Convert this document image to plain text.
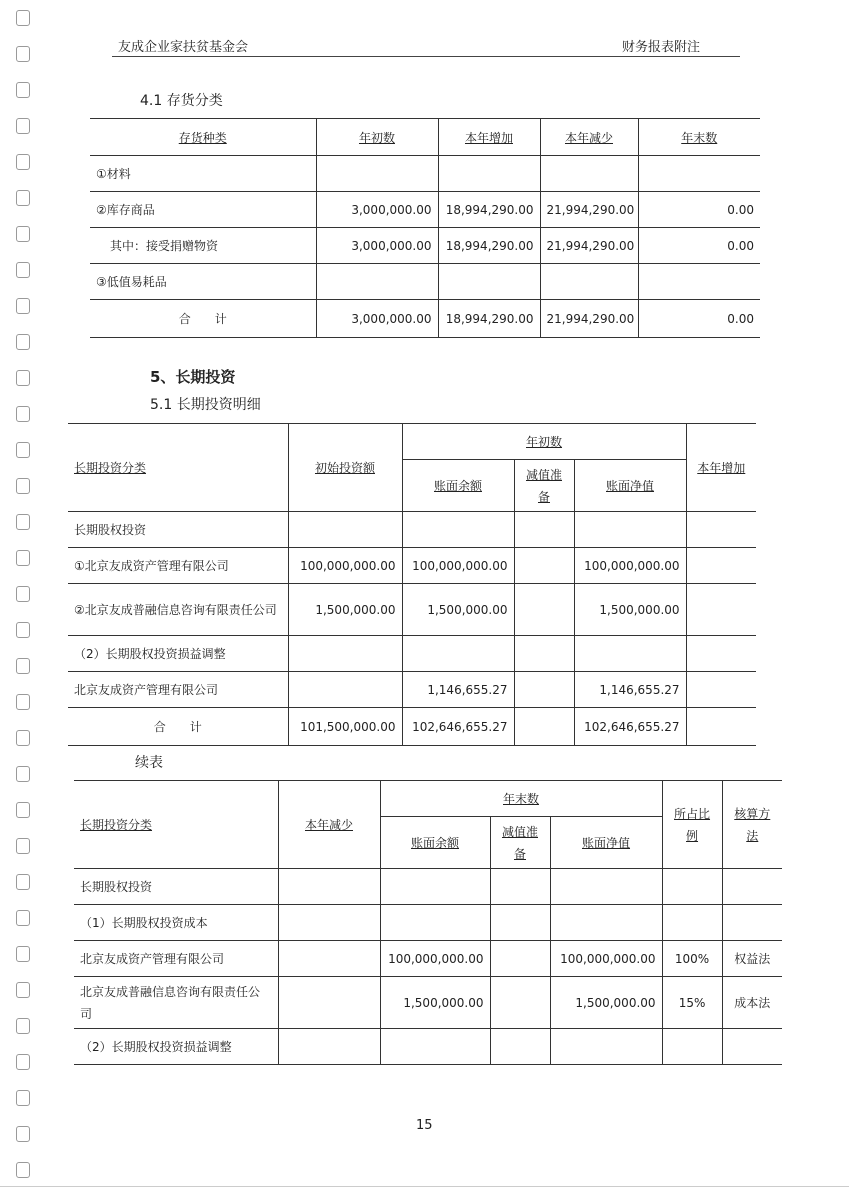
友成企业家扶贫基金会	财务报表附注
4.1 存货分类
存货种类	年初数	本年增加	本年减少	年末数
①材料				
②库存商品	3,000,000.00	18,994,290.00	21,994,290.00	0.00
其中：接受捐赠物资	3,000,000.00	18,994,290.00	21,994,290.00	0.00
③低值易耗品				
合　　计	3,000,000.00	18,994,290.00	21,994,290.00	0.00
5、长期投资
5.1 长期投资明细
长期投资分类	初始投资额	年初数			本年增加
		账面余额	减值准备	账面净值	
长期股权投资					
①北京友成资产管理有限公司	100,000,000.00	100,000,000.00		100,000,000.00	
②北京友成普融信息咨询有限责任公司	1,500,000.00	1,500,000.00		1,500,000.00	
（2）长期股权投资损益调整					
北京友成资产管理有限公司		1,146,655.27		1,146,655.27	
合　　计	101,500,000.00	102,646,655.27		102,646,655.27	
续表
长期投资分类	本年减少	年末数			所占比例	核算方法
		账面余额	减值准备	账面净值		
长期股权投资						
（1）长期股权投资成本						
北京友成资产管理有限公司		100,000,000.00		100,000,000.00	100%	权益法
北京友成普融信息咨询有限责任公司		1,500,000.00		1,500,000.00	15%	成本法
（2）长期股权投资损益调整						
15
